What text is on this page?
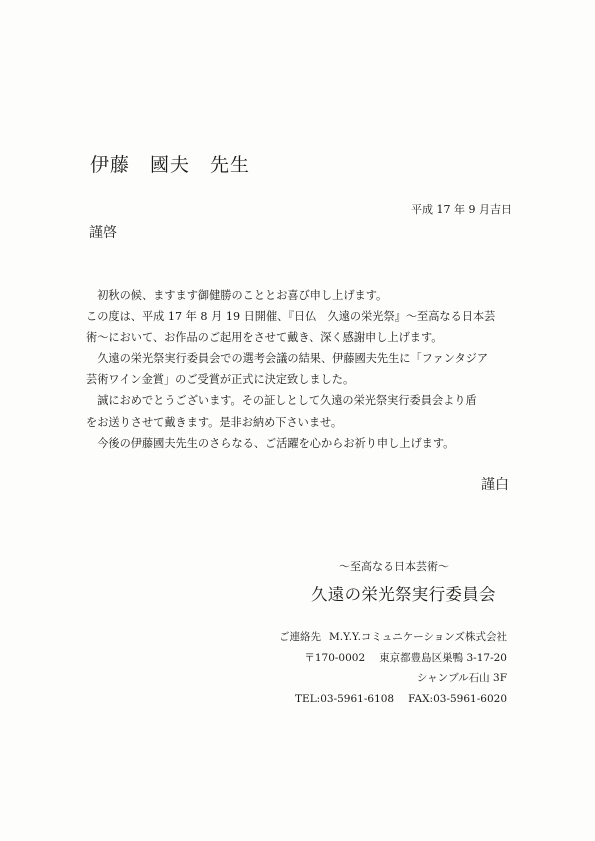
伊藤　國夫　先生
平成 17 年 9 月吉日
謹啓

　初秋の候、ますます御健勝のこととお喜び申し上げます。

この度は、平成 17 年 8 月 19 日開催、『日仏　久遠の栄光祭』～至高なる日本芸

術～において、お作品のご起用をさせて戴き、深く感謝申し上げます。

　久遠の栄光祭実行委員会での選考会議の結果、伊藤國夫先生に「ファンタジア

芸術ワイン金賞」のご受賞が正式に決定致しました。

　誠におめでとうございます。その証しとして久遠の栄光祭実行委員会より盾

をお送りさせて戴きます。是非お納め下さいませ。

　今後の伊藤國夫先生のさらなる、ご活躍を心からお祈り申し上げます。

謹白
～至高なる日本芸術～
久遠の栄光祭実行委員会
ご連絡先 M.Y.Y.コミュニケーションズ株式会社
〒170-0002 東京都豊島区巣鴨 3-17-20
シャンブル石山 3F
TEL:03-5961-6108 FAX:03-5961-6020
